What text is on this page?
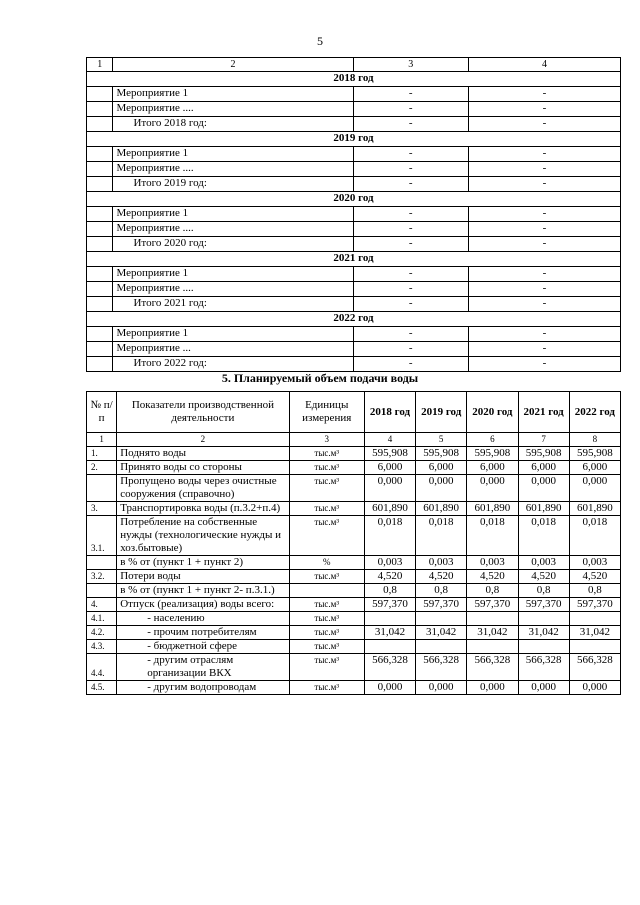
5
1	2	3	4
2018 год			
	Мероприятие 1	-	-
	Мероприятие ....	-	-
	Итого 2018 год:	-	-
2019 год			
	Мероприятие 1	-	-
	Мероприятие ....	-	-
	Итого 2019 год:	-	-
2020 год			
	Мероприятие 1	-	-
	Мероприятие ....	-	-
	Итого 2020 год:	-	-
2021 год			
	Мероприятие 1	-	-
	Мероприятие ....	-	-
	Итого 2021 год:	-	-
2022 год			
	Мероприятие 1	-	-
	Мероприятие ...	-	-
	Итого 2022 год:	-	-
5. Планируемый объем подачи воды
№ п/п	Показатели производственной деятельности	Единицы измерения	2018 год	2019 год	2020 год	2021 год	2022 год
1	2	3	4	5	6	7	8
1.	Поднято воды	тыс.м³	595,908	595,908	595,908	595,908	595,908
2.	Принято воды со стороны	тыс.м³	6,000	6,000	6,000	6,000	6,000
	Пропущено воды через очистные сооружения (справочно)	тыс.м³	0,000	0,000	0,000	0,000	0,000
3.	Транспортировка воды (п.3.2+п.4)	тыс.м³	601,890	601,890	601,890	601,890	601,890
3.1.	Потребление на собственные нужды (технологические нужды и хоз.бытовые)	тыс.м³	0,018	0,018	0,018	0,018	0,018
	в % от (пункт 1 + пункт 2)	%	0,003	0,003	0,003	0,003	0,003
3.2.	Потери воды	тыс.м³	4,520	4,520	4,520	4,520	4,520
	в % от (пункт 1 + пункт 2- п.3.1.)		0,8	0,8	0,8	0,8	0,8
4.	Отпуск (реализация) воды всего:	тыс.м³	597,370	597,370	597,370	597,370	597,370
4.1.	- населению	тыс.м³					
4.2.	- прочим потребителям	тыс.м³	31,042	31,042	31,042	31,042	31,042
4.3.	- бюджетной сфере	тыс.м³					
4.4.	- другим отраслям организации ВКХ	тыс.м³	566,328	566,328	566,328	566,328	566,328
4.5.	- другим водопроводам	тыс.м³	0,000	0,000	0,000	0,000	0,000
